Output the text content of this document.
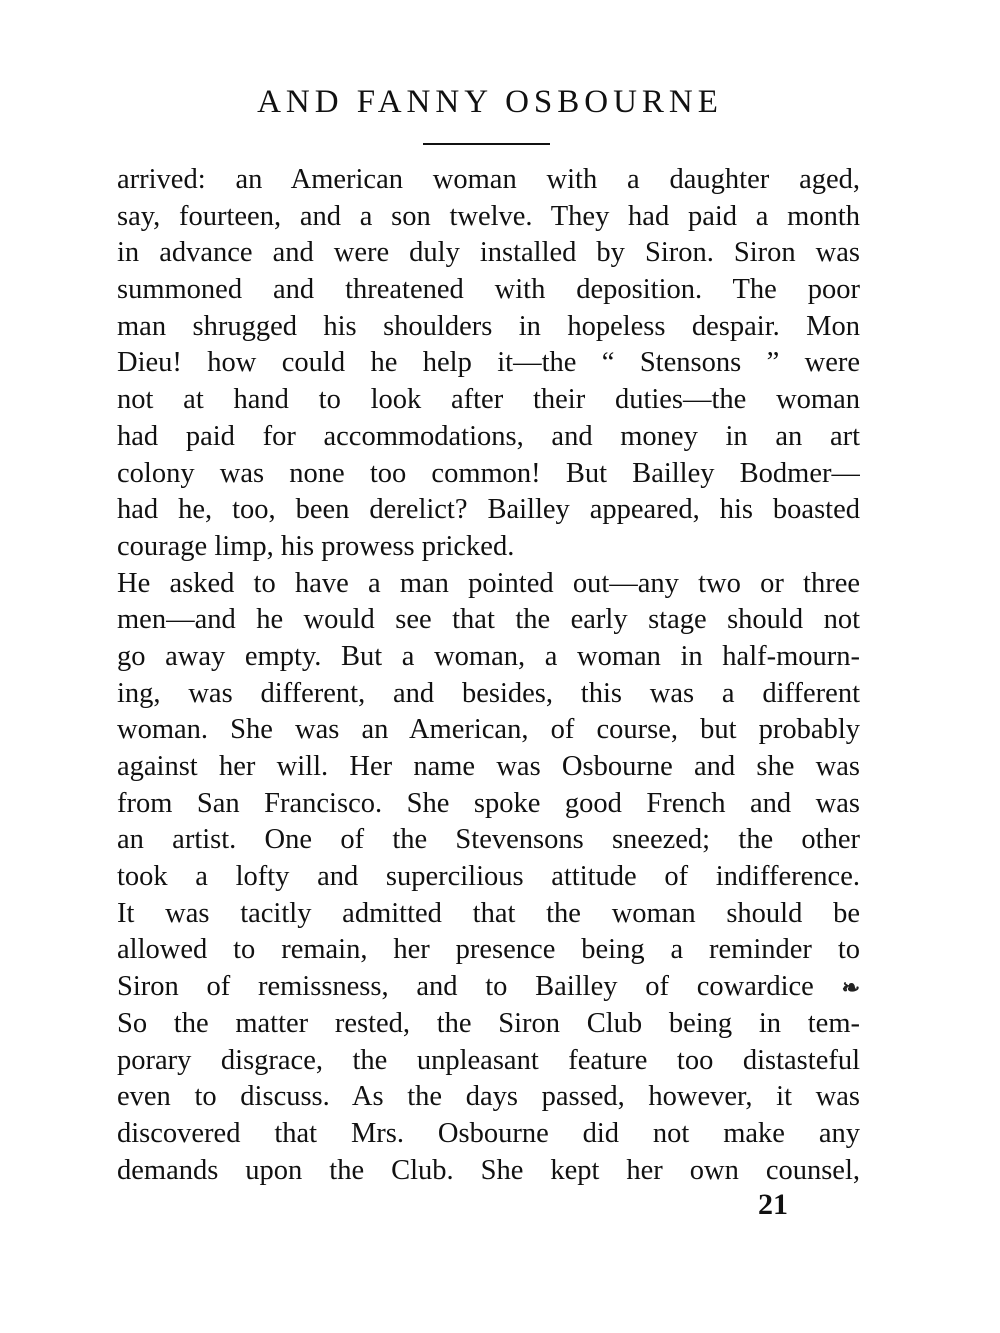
AND FANNY OSBOURNE
arrived: an American woman with a daughter aged,
say, fourteen, and a son twelve. They had paid a month
in advance and were duly installed by Siron. Siron was
summoned and threatened with deposition. The poor
man shrugged his shoulders in hopeless despair. Mon
Dieu! how could he help it—the “ Stensons ” were
not at hand to look after their duties—the woman
had paid for accommodations, and money in an art
colony was none too common! But Bailley Bodmer—
had he, too, been derelict? Bailley appeared, his boasted
courage limp, his prowess pricked.
He asked to have a man pointed out—any two or three
men—and he would see that the early stage should not
go away empty. But a woman, a woman in half-mourn-
ing, was different, and besides, this was a different
woman. She was an American, of course, but probably
against her will. Her name was Osbourne and she was
from San Francisco. She spoke good French and was
an artist. One of the Stevensons sneezed; the other
took a lofty and supercilious attitude of indifference.
It was tacitly admitted that the woman should be
allowed to remain, her presence being a reminder to
Siron of remissness, and to Bailley of cowardice ❧
So the matter rested, the Siron Club being in tem-
porary disgrace, the unpleasant feature too distasteful
even to discuss. As the days passed, however, it was
discovered that Mrs. Osbourne did not make any
demands upon the Club. She kept her own counsel,
21
